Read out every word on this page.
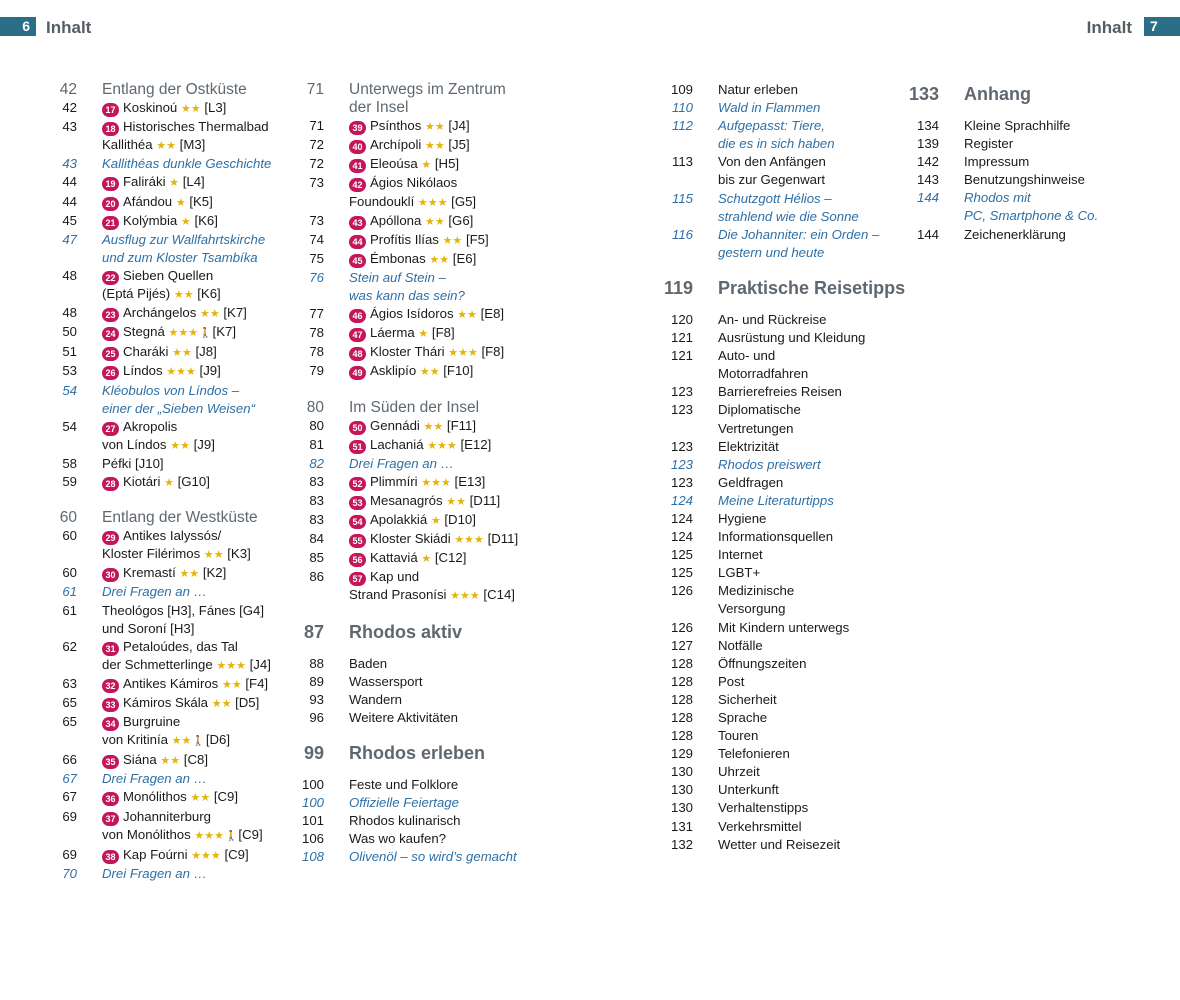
6 Inhalt	Inhalt	7
42 Entlang der Ostküste
42	17 Koskinoú ★★ [L3]
43	18 Historisches Thermalbad
Kallithéa ★★ [M3]
43 Kallithéas dunkle Geschichte
44	19 Faliráki ★ [L4]
44	20 Afándou ★ [K5]
45	21 Kolýmbia ★ [K6]
47 Ausflug zur Wallfahrtskirche
und zum Kloster Tsambíka
48	22 Sieben Quellen
(Eptá Pijés) ★★ [K6]
48	23 Archángelos ★★ [K7]
50	24 Stegná ★★★🚶[K7]
51	25 Charáki ★★ [J8]
53	26 Líndos ★★★ [J9]
54 Kléobulos von Líndos –
einer der „Sieben Weisen“
54	27 Akropolis
von Líndos ★★ [J9]
58 Péfki [J10]
59	28 Kiotári ★ [G10]
60 Entlang der Westküste
60	29 Antikes Ialyssós/
Kloster Filérimos ★★ [K3]
60	30 Kremastí ★★ [K2]
61 Drei Fragen an …
61 Theológos [H3], Fánes [G4]
und Soroní [H3]
62	31 Petaloúdes, das Tal
der Schmetterlinge ★★★ [J4]
63	32 Antikes Kámiros ★★ [F4]
65	33 Kámiros Skála ★★ [D5]
65	34 Burgruine
von Kritinía ★★🚶[D6]
66	35 Siána ★★ [C8]
67 Drei Fragen an …
67	36 Monólithos ★★ [C9]
69	37 Johanniterburg
von Monólithos ★★★🚶[C9]
69	38 Kap Foúrni ★★★ [C9]
70 Drei Fragen an …
71 Unterwegs im Zentrum
der Insel
71	39 Psínthos ★★ [J4]
72	40 Archípoli ★★ [J5]
72	41 Eleoúsa ★ [H5]
73	42 Ágios Nikólaos
Foundouklí ★★★ [G5]
73	43 Apóllona ★★ [G6]
74	44 Profítis Ilías ★★ [F5]
75	45 Émbonas ★★ [E6]
76 Stein auf Stein –
was kann das sein?
77	46 Ágios Isídoros ★★ [E8]
78	47 Láerma ★ [F8]
78	48 Kloster Thári ★★★ [F8]
79	49 Asklipío ★★ [F10]
80 Im Süden der Insel
80	50 Gennádi ★★ [F11]
81	51 Lachaniá ★★★ [E12]
82 Drei Fragen an …
83	52 Plimmíri ★★★ [E13]
83	53 Mesanagrós ★★ [D11]
83	54 Apolakkiá ★ [D10]
84	55 Kloster Skiádi ★★★ [D11]
85	56 Kattaviá ★ [C12]
86	57 Kap und
Strand Prasonísi ★★★ [C14]
87 Rhodos aktiv
88 Baden
89 Wassersport
93 Wandern
96 Weitere Aktivitäten
99 Rhodos erleben
100 Feste und Folklore
100 Offizielle Feiertage
101 Rhodos kulinarisch
106 Was wo kaufen?
108 Olivenöl – so wird’s gemacht
109 Natur erleben
110 Wald in Flammen
112 Aufgepasst: Tiere,
die es in sich haben
113 Von den Anfängen
bis zur Gegenwart
115 Schutzgott Hélios –
strahlend wie die Sonne
116 Die Johanniter: ein Orden –
gestern und heute
119 Praktische Reisetipps
120 An- und Rückreise
121 Ausrüstung und Kleidung
121 Auto- und
Motorradfahren
123 Barrierefreies Reisen
123 Diplomatische
Vertretungen
123 Elektrizität
123 Rhodos preiswert
123 Geldfragen
124 Meine Literaturtipps
124 Hygiene
124 Informationsquellen
125 Internet
125 LGBT+
126 Medizinische
Versorgung
126 Mit Kindern unterwegs
127 Notfälle
128 Öffnungszeiten
128 Post
128 Sicherheit
128 Sprache
128 Touren
129 Telefonieren
130 Uhrzeit
130 Unterkunft
130 Verhaltenstipps
131 Verkehrsmittel
132 Wetter und Reisezeit
133 Anhang
134 Kleine Sprachhilfe
139 Register
142 Impressum
143 Benutzungshinweise
144 Rhodos mit
PC, Smartphone & Co.
144 Zeichenerklärung
